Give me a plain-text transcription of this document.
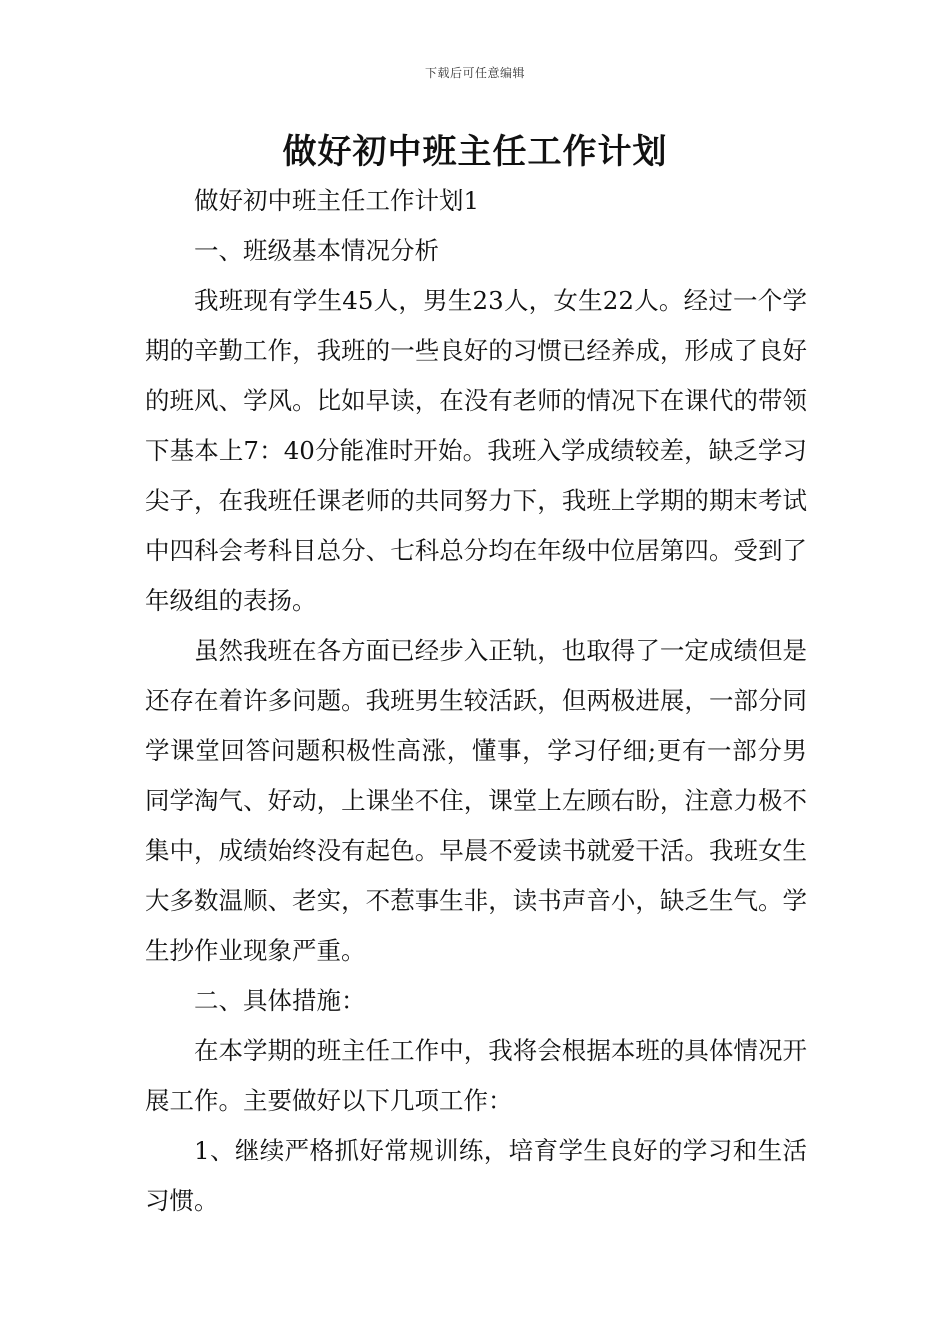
下载后可任意编辑
做好初中班主任工作计划

做好初中班主任工作计划1

一、班级基本情况分析

我班现有学生45人，男生23人，女生22人。经过一个学期的辛勤工作，我班的一些良好的习惯已经养成，形成了良好的班风、学风。比如早读，在没有老师的情况下在课代的带领下基本上7：40分能准时开始。我班入学成绩较差，缺乏学习尖子，在我班任课老师的共同努力下，我班上学期的期末考试中四科会考科目总分、七科总分均在年级中位居第四。受到了年级组的表扬。

虽然我班在各方面已经步入正轨，也取得了一定成绩但是还存在着许多问题。我班男生较活跃，但两极进展，一部分同学课堂回答问题积极性高涨，懂事，学习仔细;更有一部分男同学淘气、好动，上课坐不住，课堂上左顾右盼，注意力极不集中，成绩始终没有起色。早晨不爱读书就爱干活。我班女生大多数温顺、老实，不惹事生非，读书声音小，缺乏生气。学生抄作业现象严重。

二、具体措施：

在本学期的班主任工作中，我将会根据本班的具体情况开展工作。主要做好以下几项工作：

1、继续严格抓好常规训练，培育学生良好的学习和生活习惯。
